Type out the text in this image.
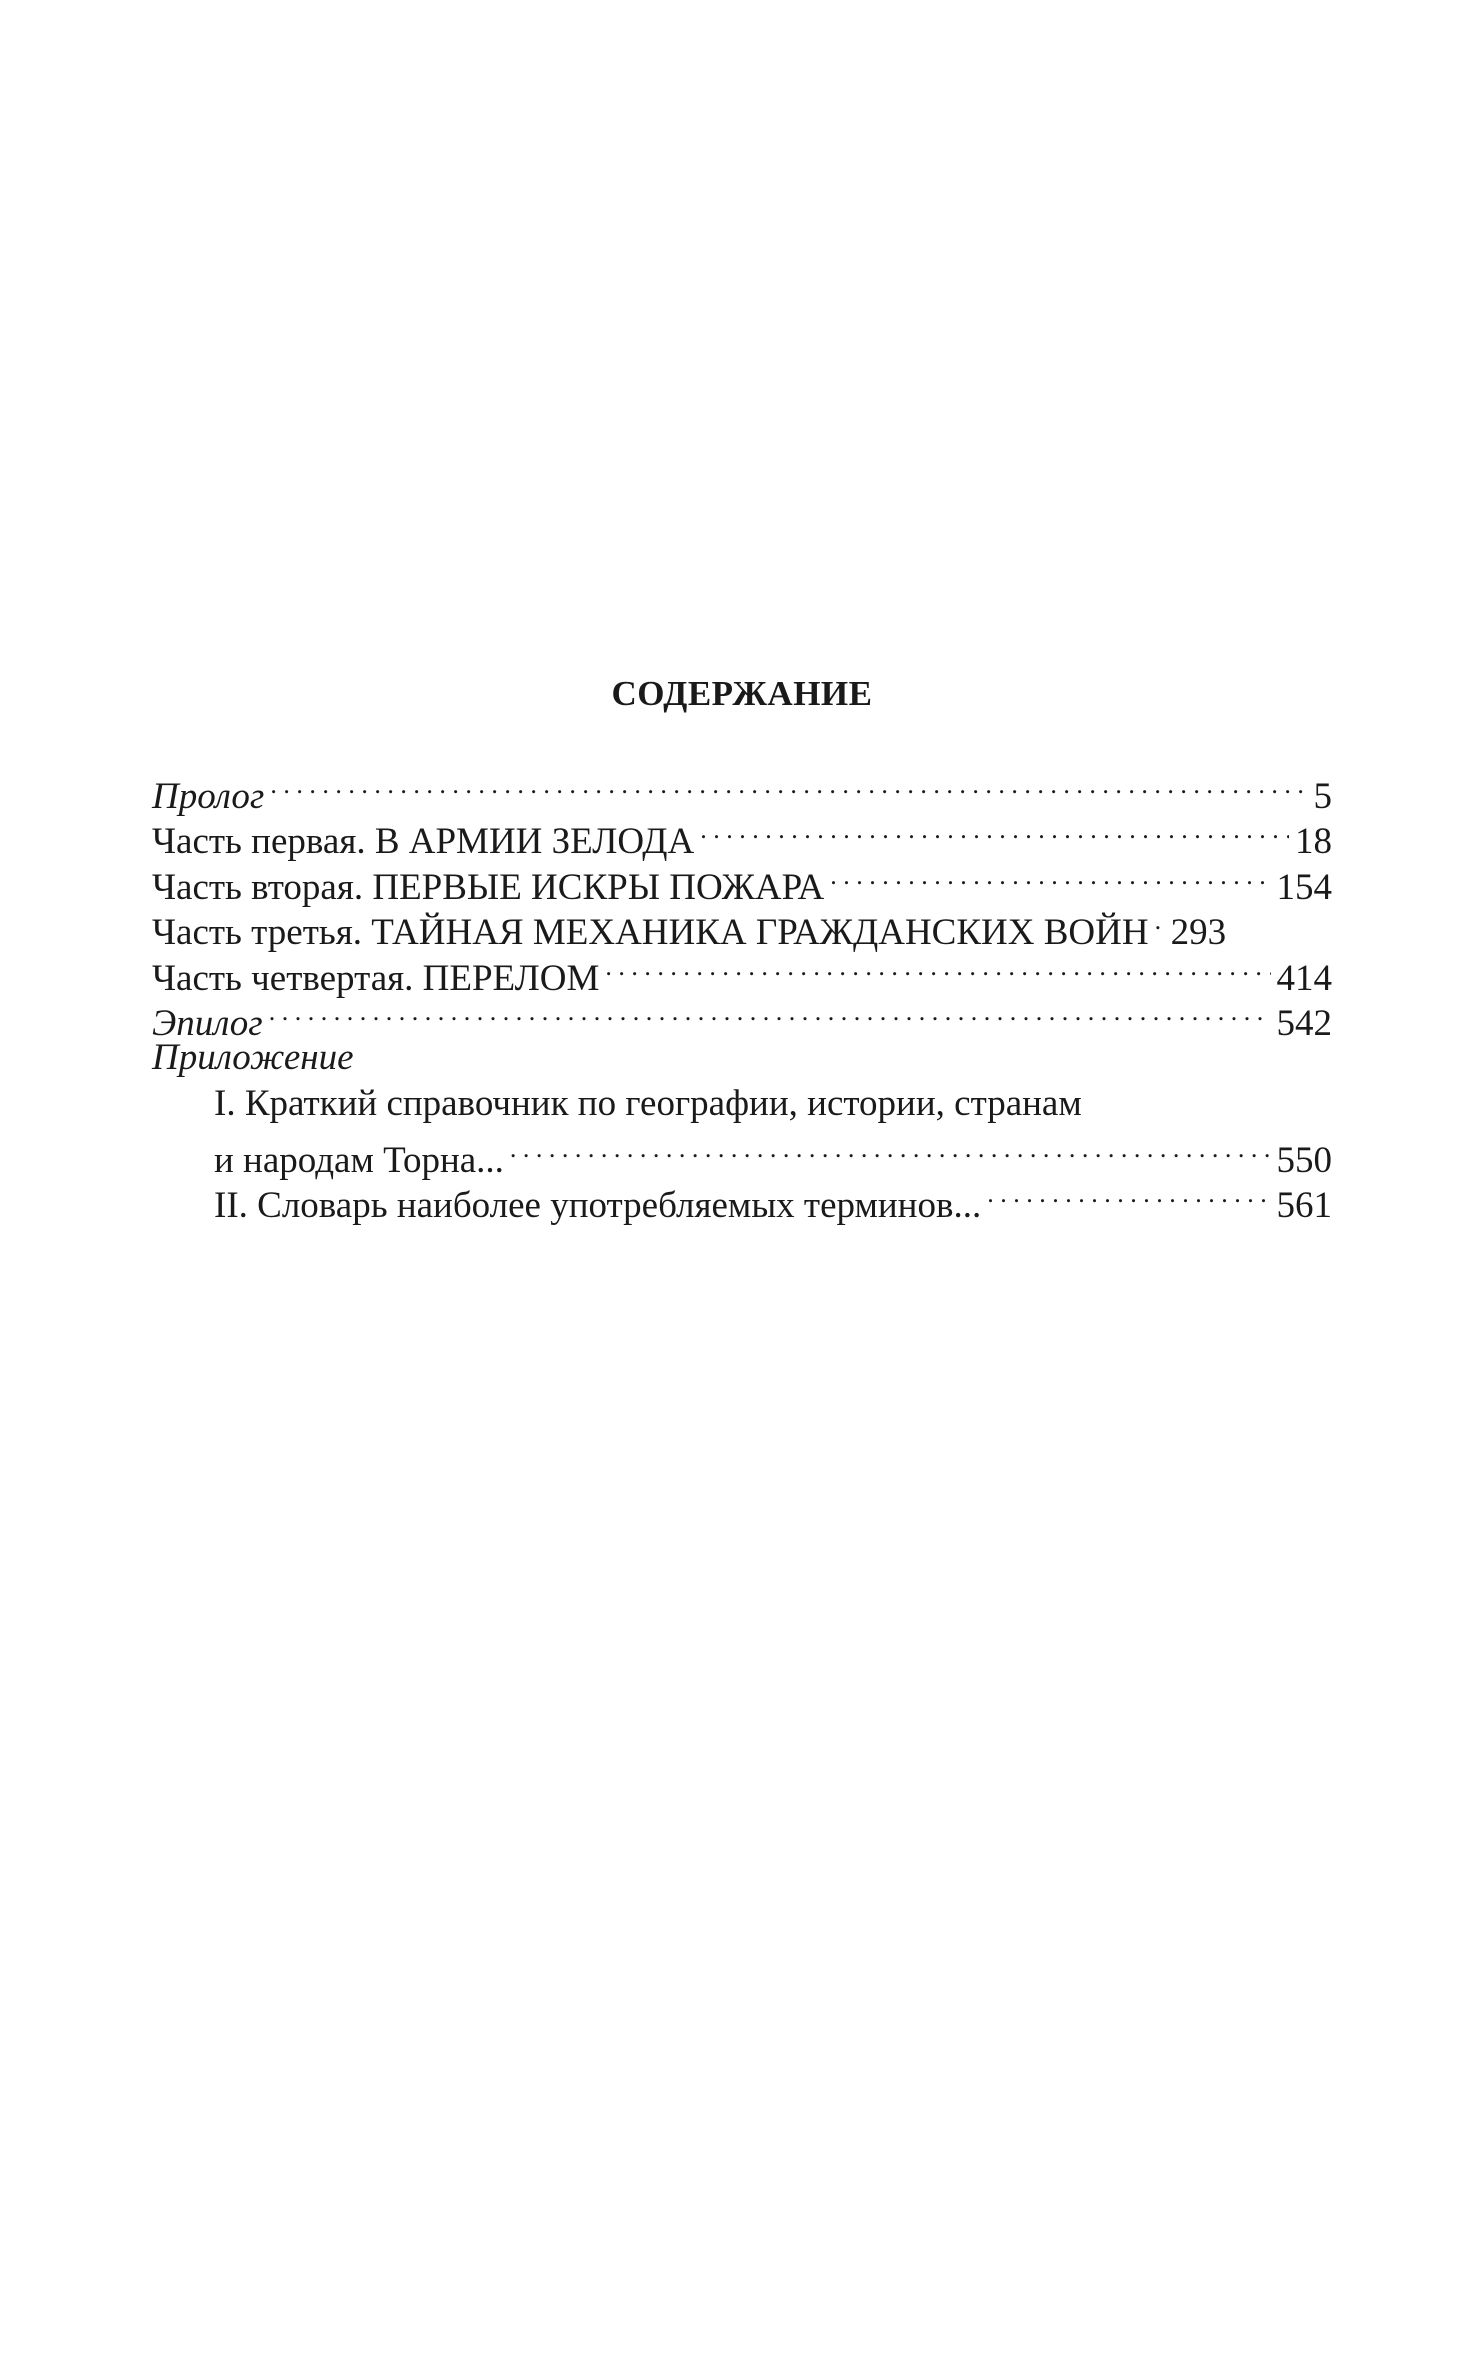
СОДЕРЖАНИЕ
Пролог . . .	5
Часть первая. В АРМИИ ЗЕЛОДА . . .	18
Часть вторая. ПЕРВЫЕ ИСКРЫ ПОЖАРА . . .	154
Часть третья. ТАЙНАЯ МЕХАНИКА ГРАЖДАНСКИХ ВОЙН . . . 293
Часть четвертая. ПЕРЕЛОМ . . .	414
Эпилог . . .	542
Приложение
I. Краткий справочник по географии, истории, странам
и народам Торна... . . .	550
II. Словарь наиболее употребляемых терминов... . . .	561
